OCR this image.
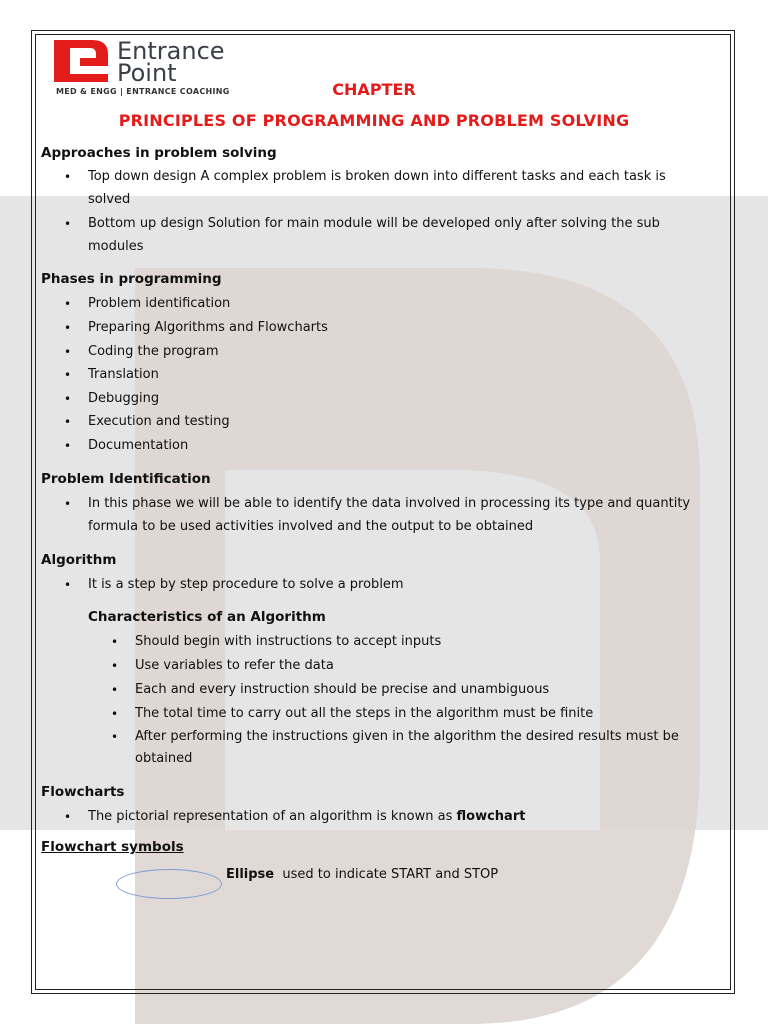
Entrance
Point
MED & ENGG | ENTRANCE COACHING	CHAPTER
PRINCIPLES OF PROGRAMMING AND PROBLEM SOLVING
Approaches in problem solving
• Top down design A complex problem is broken down into different tasks and each task is
solved
• Bottom up design Solution for main module will be developed only after solving the sub
modules
Phases in programming
• Problem identification
• Preparing Algorithms and Flowcharts
• Coding the program
• Translation
• Debugging
• Execution and testing
• Documentation
Problem Identification
• In this phase we will be able to identify the data involved in processing its type and quantity
formula to be used activities involved and the output to be obtained
Algorithm
• It is a step by step procedure to solve a problem
Characteristics of an Algorithm
• Should begin with instructions to accept inputs
• Use variables to refer the data
• Each and every instruction should be precise and unambiguous
• The total time to carry out all the steps in the algorithm must be finite
• After performing the instructions given in the algorithm the desired results must be
obtained
Flowcharts
• The pictorial representation of an algorithm is known as flowchart
Flowchart symbols
Ellipse  used to indicate START and STOP
